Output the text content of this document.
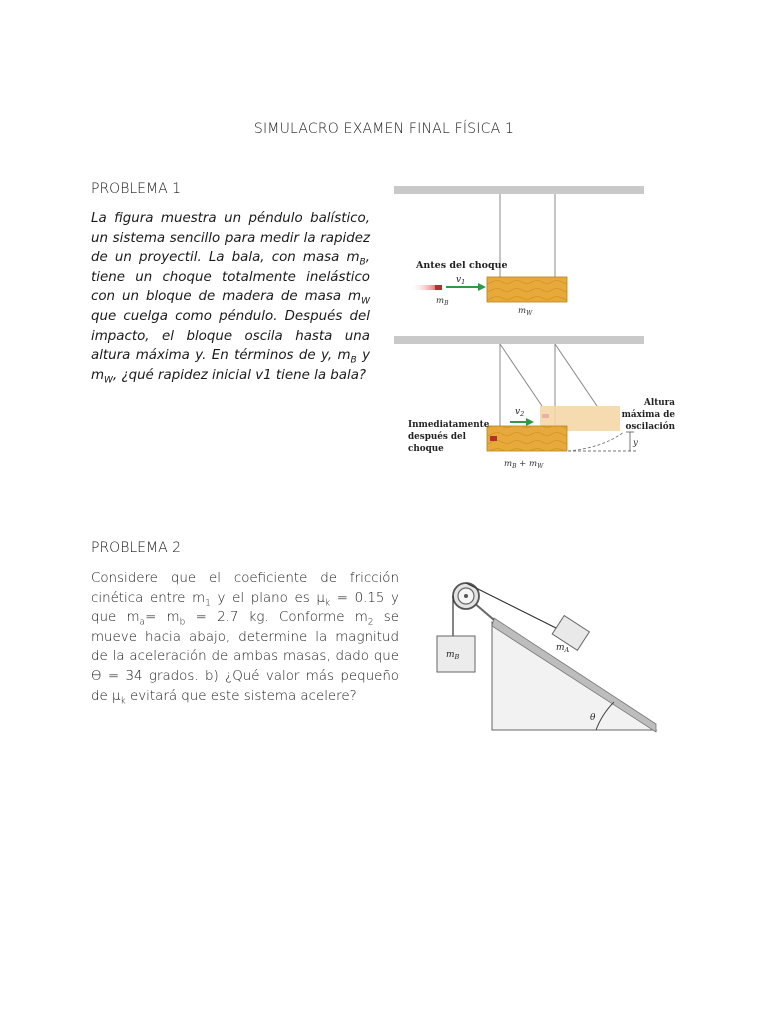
SIMULACRO EXAMEN FINAL FÍSICA 1
PROBLEMA 1
La figura muestra un péndulo balístico, un sistema sencillo para medir la rapidez de un proyectil. La bala, con masa $m_B$, tiene un choque totalmente inelástico con un bloque de madera de masa $m_W$ que cuelga como péndulo. Después del impacto, el bloque oscila hasta una altura máxima y. En términos de y, $m_B$ y $m_W$, ¿qué rapidez inicial v1 tiene la bala?
Antes del choque
$v_1$
$m_B$
$m_W$
$v_2$
y
Inmediatamente
después del
choque
Altura
máxima de
oscilación
$m_B + m_W$
PROBLEMA 2
Considere que el coeficiente de fricción cinética entre $m_1$ y el plano es $\mu_k = 0.15$ y que $m_a= m_b = 2.7$ kg. Conforme $m_2$ se mueve hacia abajo, determine la magnitud de la aceleración de ambas masas, dado que ϴ = 34 grados. b) ¿Qué valor más pequeño de $\mu_k$ evitará que este sistema acelere?
$m_A$
$m_B$
θ
